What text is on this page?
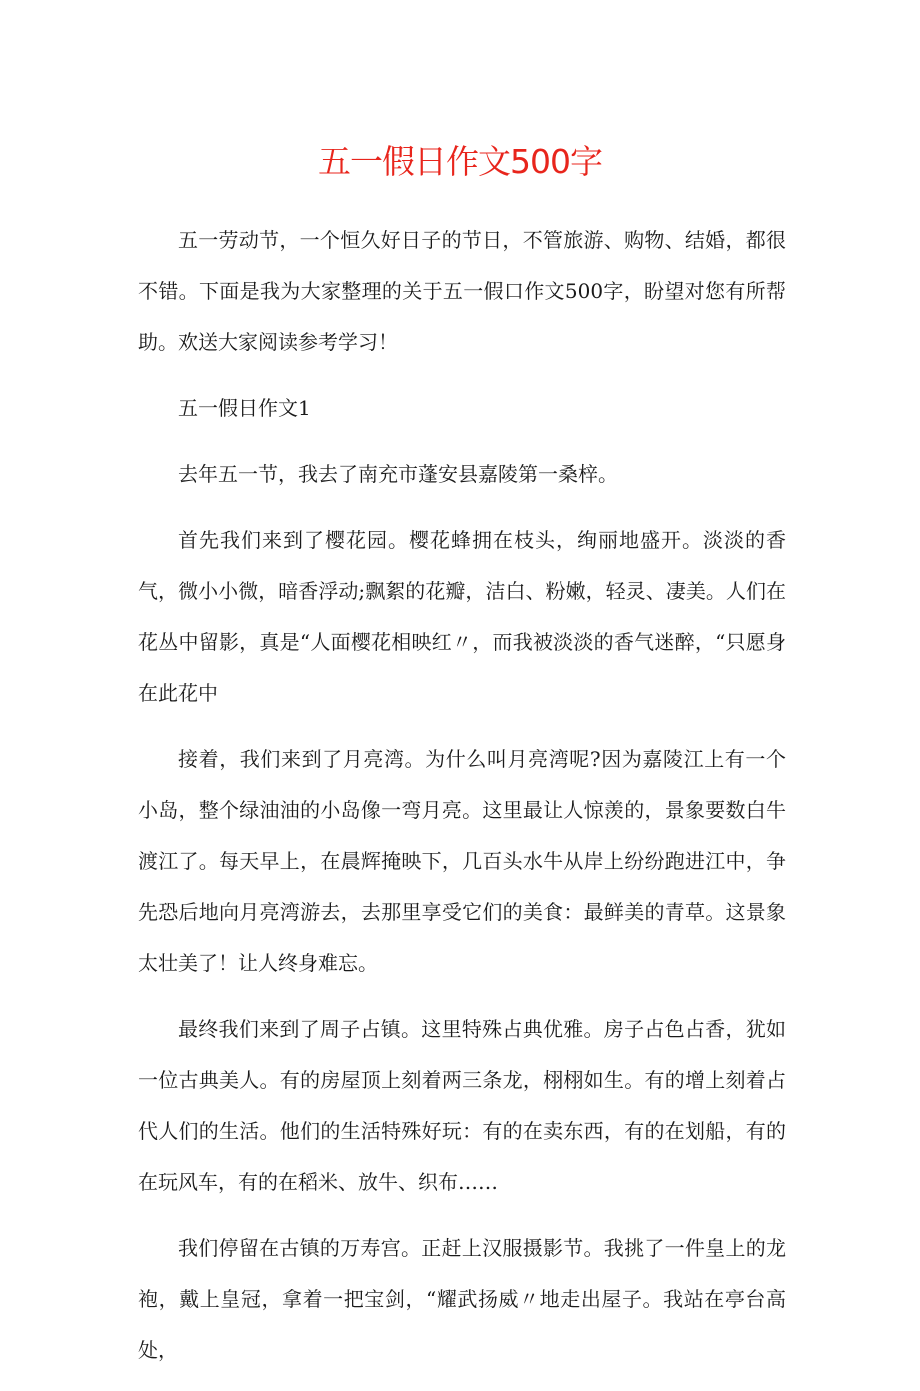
五一假日作文500字

五一劳动节，一个恒久好日子的节日，不管旅游、购物、结婚，都很不错。下面是我为大家整理的关于五一假口作文500字，盼望对您有所帮助。欢送大家阅读参考学习！

五一假日作文1

去年五一节，我去了南充市蓬安县嘉陵第一桑梓。

首先我们来到了樱花园。樱花蜂拥在枝头，绚丽地盛开。淡淡的香气，微小小微，暗香浮动;飘絮的花瓣，洁白、粉嫩，轻灵、凄美。人们在花丛中留影，真是“人面樱花相映红〃，而我被淡淡的香气迷醉，“只愿身在此花中

接着，我们来到了月亮湾。为什么叫月亮湾呢?因为嘉陵江上有一个小岛，整个绿油油的小岛像一弯月亮。这里最让人惊羡的，景象要数白牛渡江了。每天早上，在晨辉掩映下，几百头水牛从岸上纷纷跑进江中，争先恐后地向月亮湾游去，去那里享受它们的美食：最鲜美的青草。这景象太壮美了！让人终身难忘。

最终我们来到了周子占镇。这里特殊占典优雅。房子占色占香，犹如一位古典美人。有的房屋顶上刻着两三条龙，栩栩如生。有的增上刻着占代人们的生活。他们的生活特殊好玩：有的在卖东西，有的在划船，有的在玩风车，有的在稻米、放牛、织布……

我们停留在古镇的万寿宫。正赶上汉服摄影节。我挑了一件皇上的龙袍，戴上皇冠，拿着一把宝剑，“耀武扬威〃地走出屋子。我站在亭台高处，
